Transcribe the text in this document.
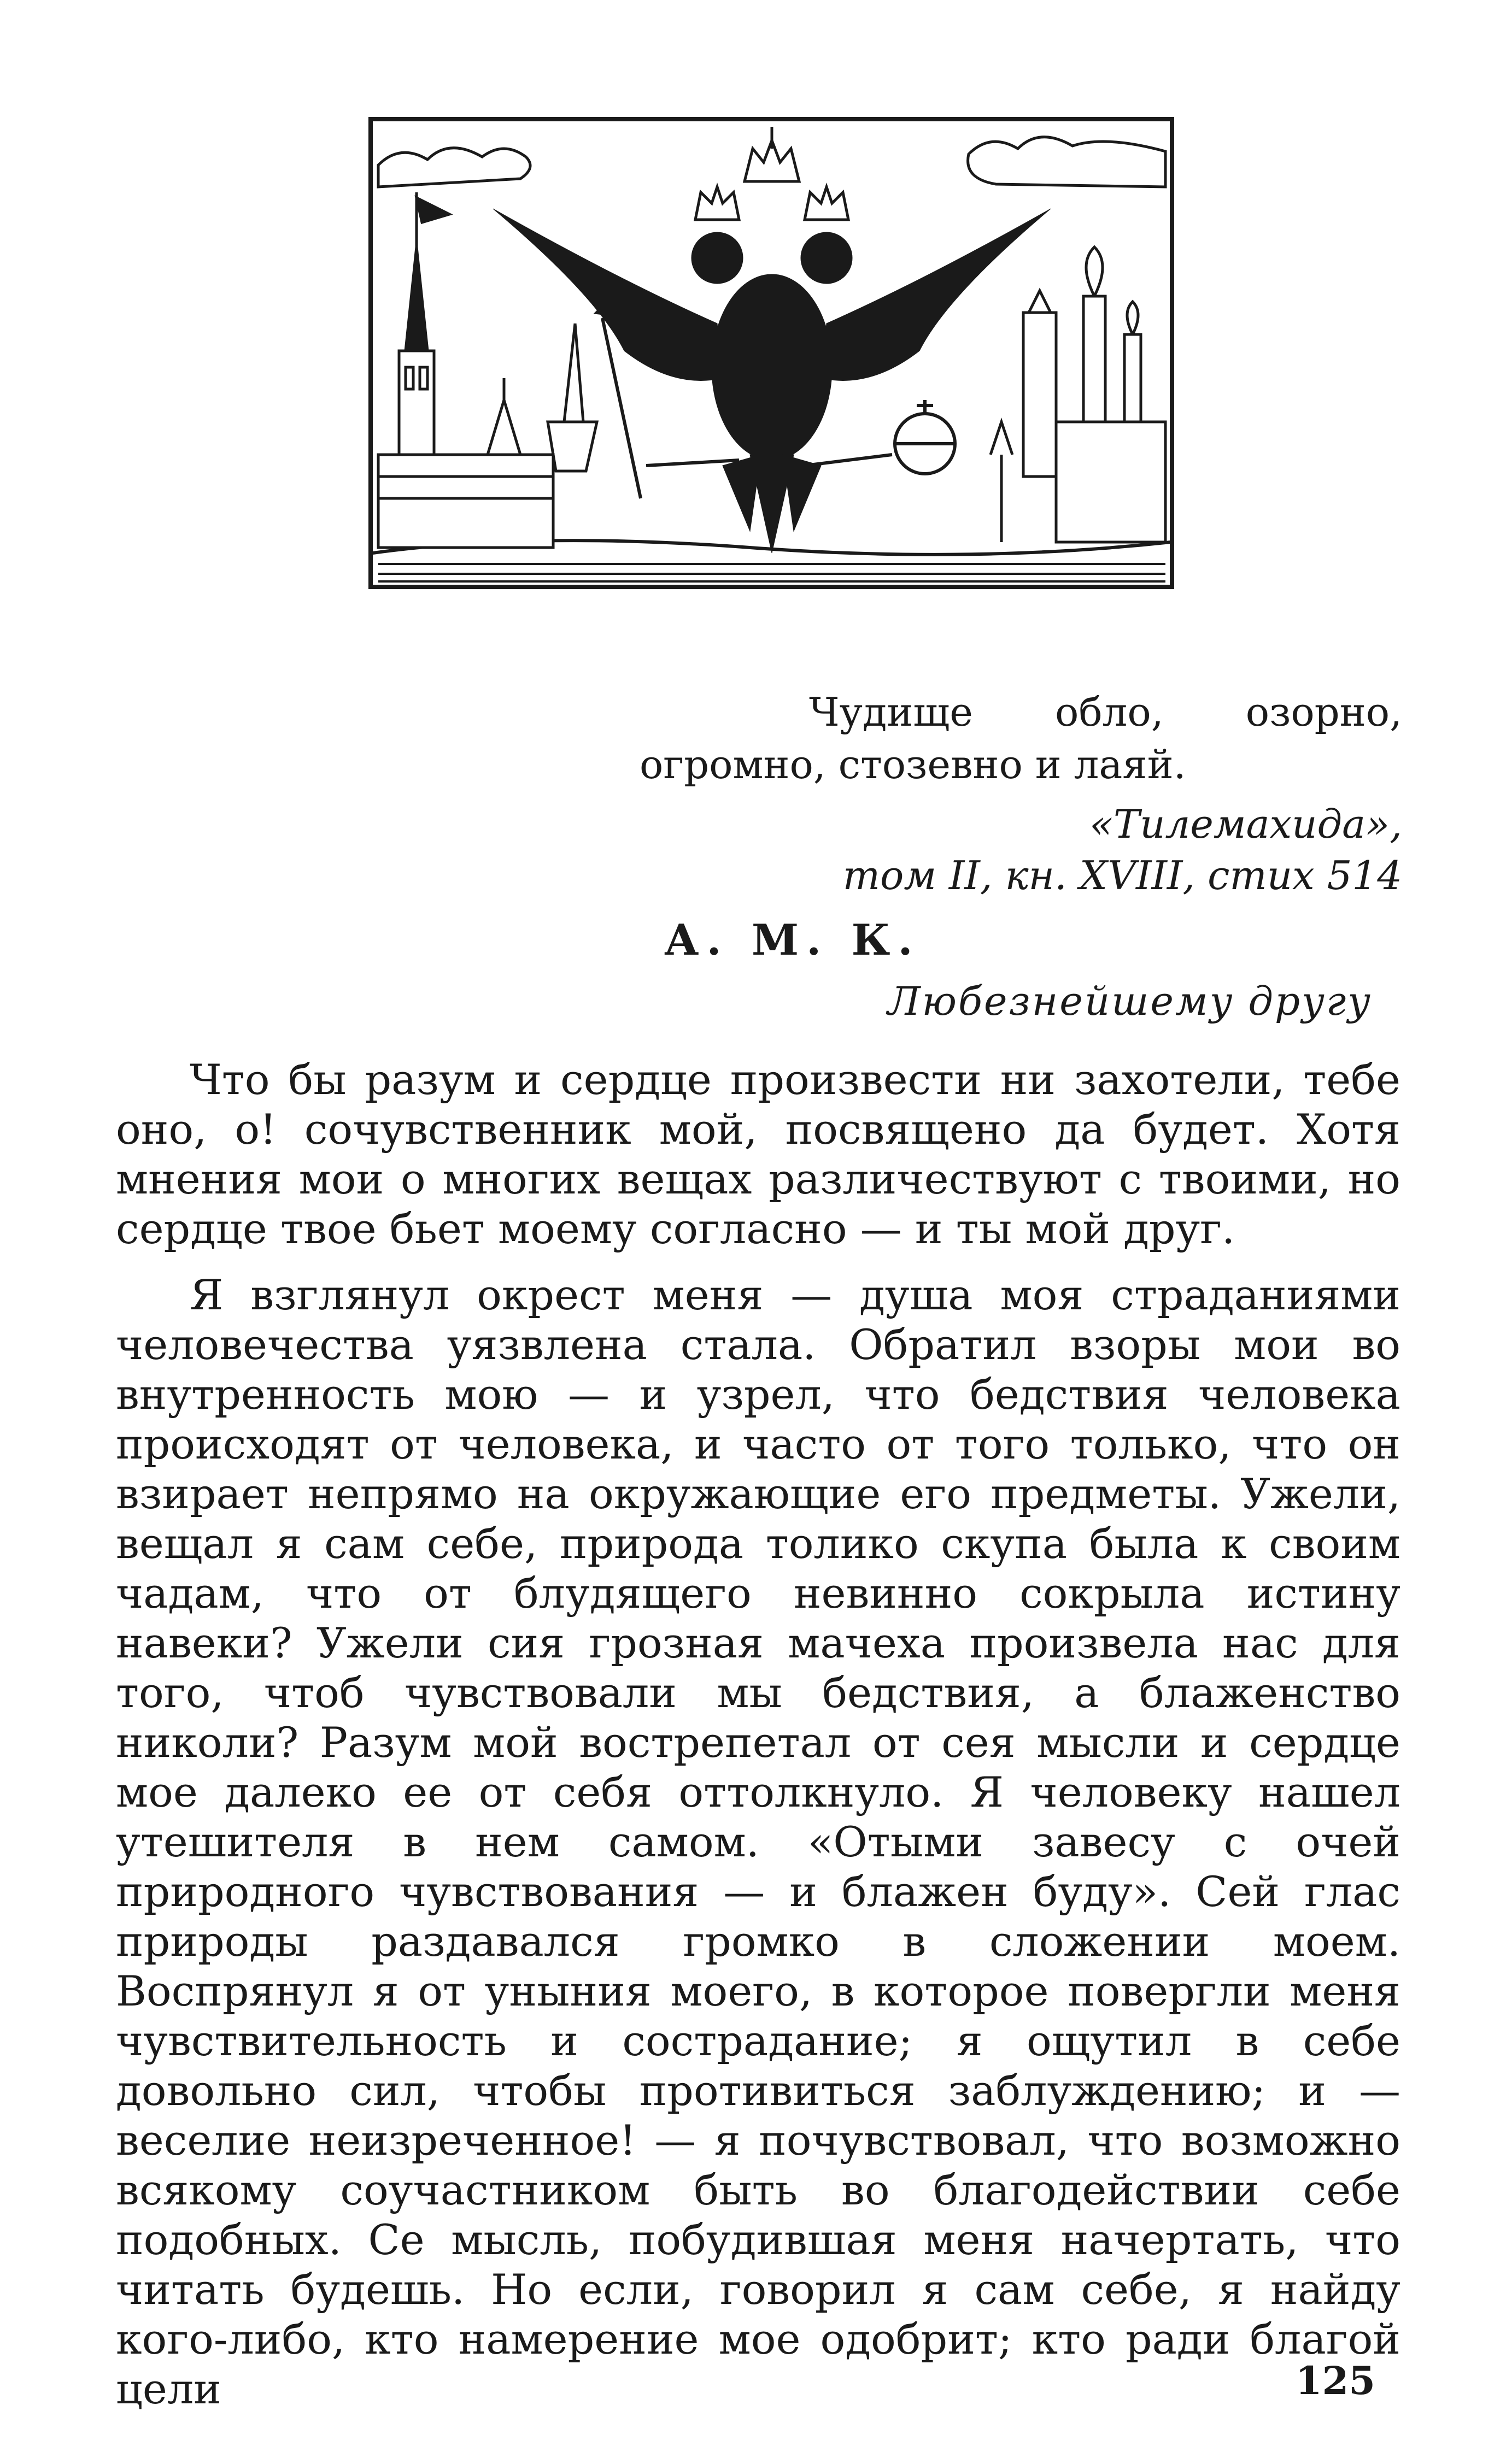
Чудище обло, озорно, огромно, стозевно и лаяй.
«Тилемахида»,
том II, кн. XVIII, стих 514
А. М. К.
Любезнейшему другу

Что бы разум и сердце произвести ни захотели, тебе оно, о! сочувственник мой, посвящено да будет. Хотя мнения мои о многих вещах различествуют с твоими, но сердце твое бьет моему согласно — и ты мой друг.

Я взглянул окрест меня — душа моя страданиями человечества уязвлена стала. Обратил взоры мои во внутренность мою — и узрел, что бедствия человека происходят от человека, и часто от того только, что он взирает непрямо на окружающие его предметы. Ужели, вещал я сам себе, природа толико скупа была к своим чадам, что от блудящего невинно сокрыла истину навеки? Ужели сия грозная мачеха произвела нас для того, чтоб чувствовали мы бедствия, а блаженство николи? Разум мой вострепетал от сея мысли и сердце мое далеко ее от себя оттолкнуло. Я человеку нашел утешителя в нем самом. «Отыми завесу с очей природного чувствования — и блажен буду». Сей глас природы раздавался громко в сложении моем. Воспрянул я от уныния моего, в которое повергли меня чувствительность и сострадание; я ощутил в себе довольно сил, чтобы противиться заблуждению; и — веселие неизреченное! — я почувствовал, что возможно всякому соучастником быть во благодействии себе подобных. Се мысль, побудившая меня начертать, что читать будешь. Но если, говорил я сам себе, я найду когo-либо, кто намерение мое одобрит; кто ради благой цели	125
